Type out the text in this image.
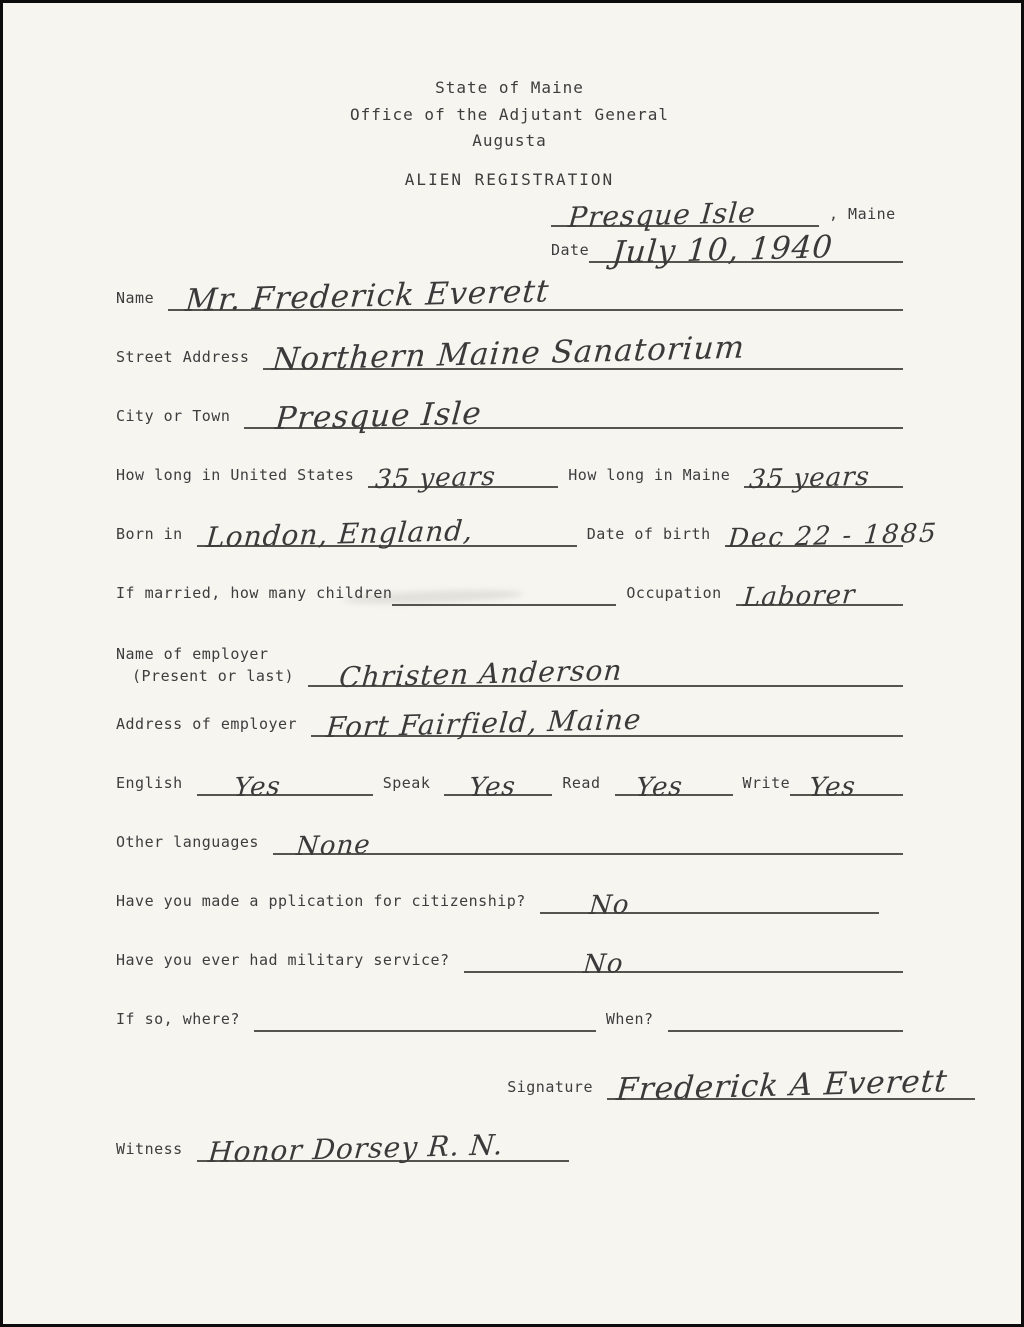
State of Maine
Office of the Adjutant General
Augusta
ALIEN REGISTRATION
Presque Isle	, Maine
Date July 10, 1940
Name Mr. Frederick Everett
Street Address Northern Maine Sanatorium
City or Town Presque Isle
How long in United States 35 years	How long in Maine 35 years
Born in London, England,	Date of birth Dec 22 - 1885
If married, how many children	Occupation Laborer
Name of employer
(Present or last) Christen Anderson
Address of employer Fort Fairfield, Maine
English Yes	Speak Yes	Read Yes	Write Yes
Other languages None
Have you made a pplication for citizenship? No
Have you ever had military service?	No
If so, where?	When?
Signature Frederick A Everett
Witness Honor Dorsey R. N.
